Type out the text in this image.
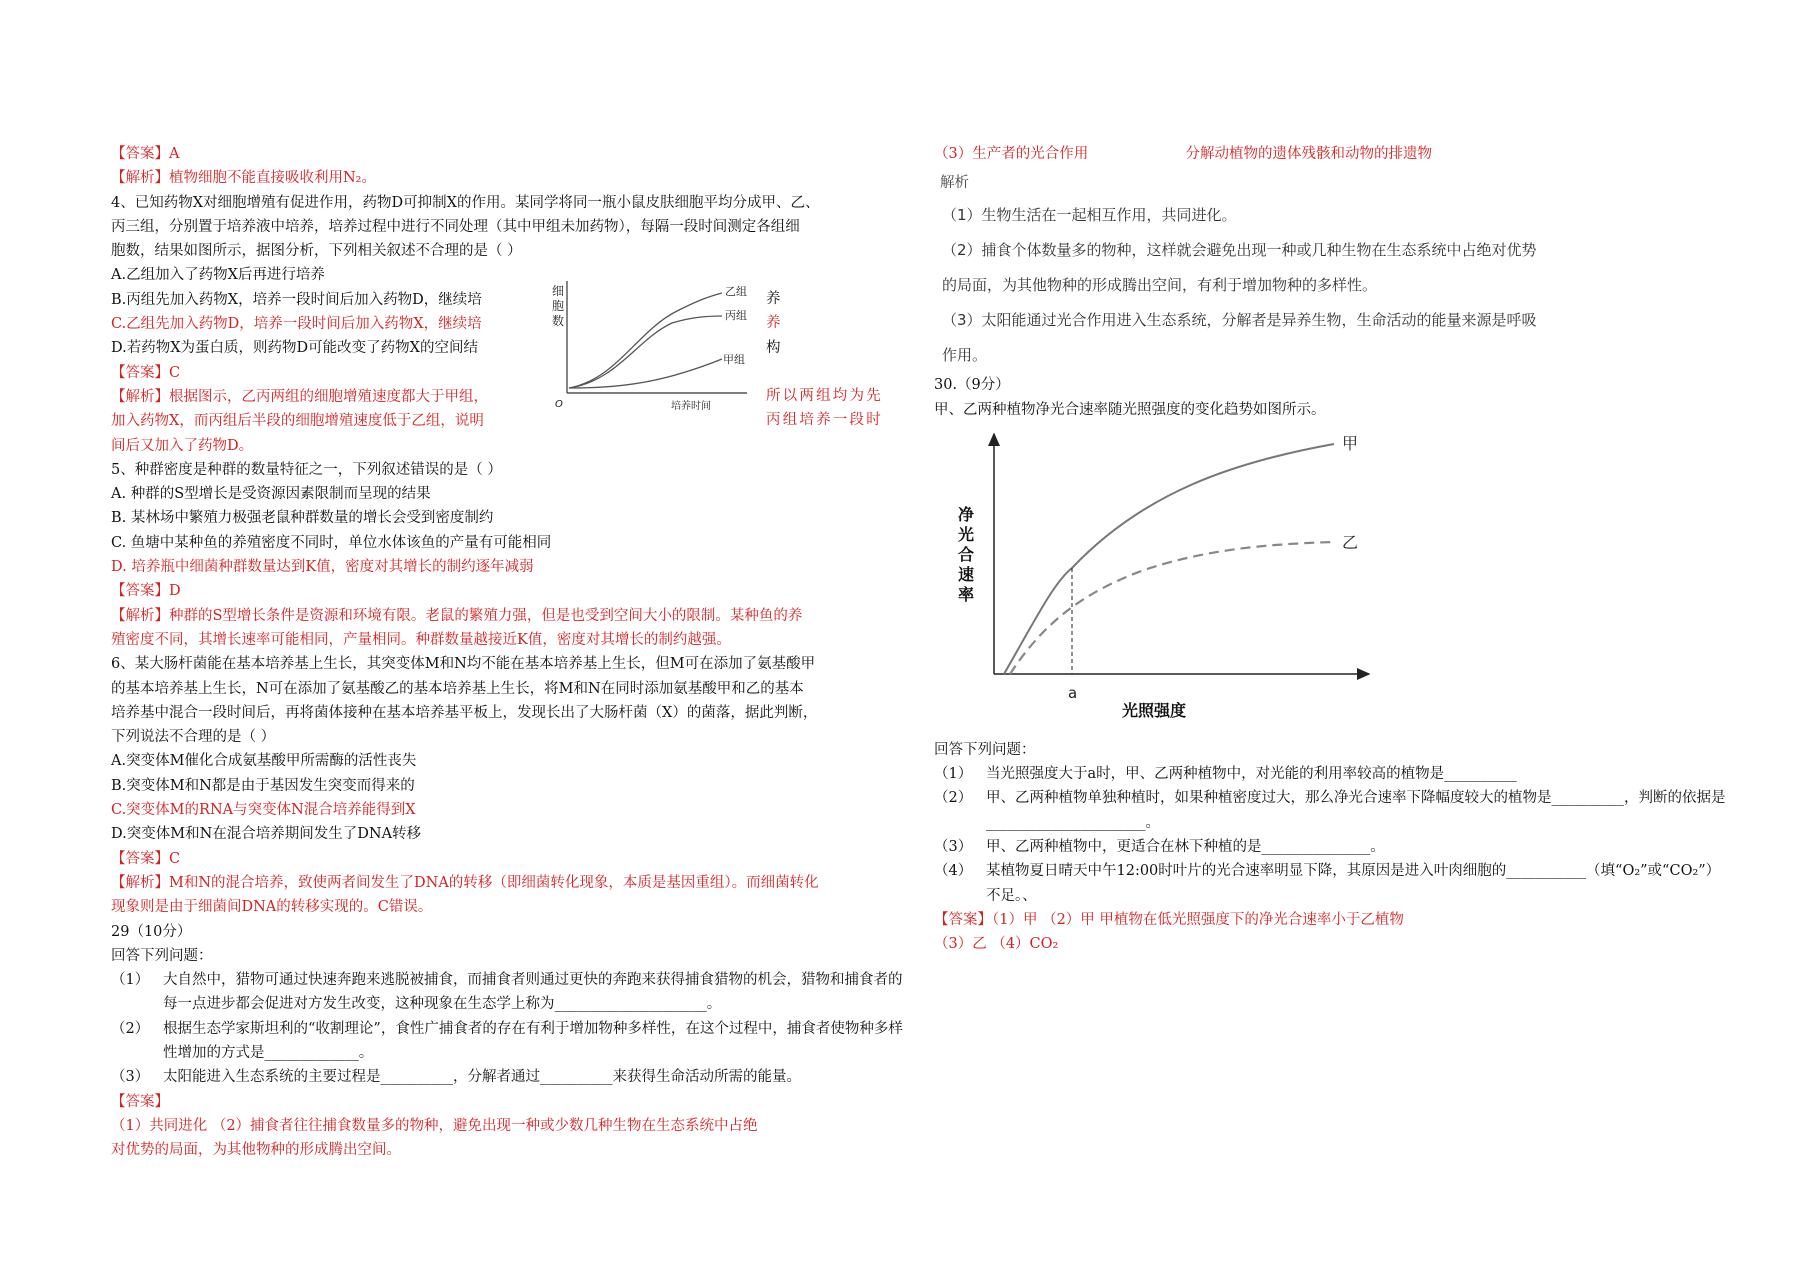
【答案】A
【解析】植物细胞不能直接吸收利用N₂。
4、已知药物X对细胞增殖有促进作用，药物D可抑制X的作用。某同学将同一瓶小鼠皮肤细胞平均分成甲、乙、
丙三组，分别置于培养液中培养，培养过程中进行不同处理（其中甲组未加药物），每隔一段时间测定各组细
胞数，结果如图所示，据图分析，下列相关叙述不合理的是（ ）
A.乙组加入了药物X后再进行培养
B.丙组先加入药物X，培养一段时间后加入药物D，继续培
C.乙组先加入药物D，培养一段时间后加入药物X，继续培
D.若药物X为蛋白质，则药物D可能改变了药物X的空间结
【答案】C
【解析】根据图示，乙丙两组的细胞增殖速度都大于甲组，
加入药物X，而丙组后半段的细胞增殖速度低于乙组，说明
间后又加入了药物D。
养
养
构
所以两组均为先
丙组培养一段时
细
胞
数
O	培养时间
乙组
丙组
甲组
5、种群密度是种群的数量特征之一，下列叙述错误的是（ ）
A. 种群的S型增长是受资源因素限制而呈现的结果
B. 某林场中繁殖力极强老鼠种群数量的增长会受到密度制约
C. 鱼塘中某种鱼的养殖密度不同时，单位水体该鱼的产量有可能相同
D. 培养瓶中细菌种群数量达到K值，密度对其增长的制约逐年减弱
【答案】D
【解析】种群的S型增长条件是资源和环境有限。老鼠的繁殖力强，但是也受到空间大小的限制。某种鱼的养
殖密度不同，其增长速率可能相同，产量相同。种群数量越接近K值，密度对其增长的制约越强。
6、某大肠杆菌能在基本培养基上生长，其突变体M和N均不能在基本培养基上生长，但M可在添加了氨基酸甲
的基本培养基上生长，N可在添加了氨基酸乙的基本培养基上生长，将M和N在同时添加氨基酸甲和乙的基本
培养基中混合一段时间后，再将菌体接种在基本培养基平板上，发现长出了大肠杆菌（X）的菌落，据此判断，
下列说法不合理的是（ ）
A.突变体M催化合成氨基酸甲所需酶的活性丧失
B.突变体M和N都是由于基因发生突变而得来的
C.突变体M的RNA与突变体N混合培养能得到X
D.突变体M和N在混合培养期间发生了DNA转移
【答案】C
【解析】M和N的混合培养，致使两者间发生了DNA的转移（即细菌转化现象，本质是基因重组）。而细菌转化
现象则是由于细菌间DNA的转移实现的。C错误。
29（10分）
回答下列问题：
（1） 大自然中，猎物可通过快速奔跑来逃脱被捕食，而捕食者则通过更快的奔跑来获得捕食猎物的机会，猎物和捕食者的每一点进步都会促进对方发生改变，这种现象在生态学上称为_____________________。
（2） 根据生态学家斯坦利的“收割理论”，食性广捕食者的存在有利于增加物种多样性，在这个过程中，捕食者使物种多样性增加的方式是_____________。
（3） 太阳能进入生态系统的主要过程是__________，分解者通过__________来获得生命活动所需的能量。
【答案】
（1）共同进化 （2）捕食者往往捕食数量多的物种，避免出现一种或少数几种生物在生态系统中占绝
对优势的局面，为其他物种的形成腾出空间。
（3）生产者的光合作用	分解动植物的遗体残骸和动物的排遗物
解析
（1）生物生活在一起相互作用，共同进化。
（2）捕食个体数量多的物种，这样就会避免出现一种或几种生物在生态系统中占绝对优势
的局面，为其他物种的形成腾出空间，有利于增加物种的多样性。
（3）太阳能通过光合作用进入生态系统，分解者是异养生物，生命活动的能量来源是呼吸
作用。
30.（9分）
甲、乙两种植物净光合速率随光照强度的变化趋势如图所示。
净
光
合
速
率
甲
乙
a
光照强度
回答下列问题：
（1） 当光照强度大于a时，甲、乙两种植物中，对光能的利用率较高的植物是__________
（2） 甲、乙两种植物单独种植时，如果种植密度过大，那么净光合速率下降幅度较大的植物是__________，判断的依据是______________________。
（3） 甲、乙两种植物中，更适合在林下种植的是_______________。
（4） 某植物夏日晴天中午12:00时叶片的光合速率明显下降，其原因是进入叶肉细胞的___________（填“O₂”或“CO₂”）不足。、
【答案】（1）甲 （2）甲 甲植物在低光照强度下的净光合速率小于乙植物
（3）乙 （4）CO₂
